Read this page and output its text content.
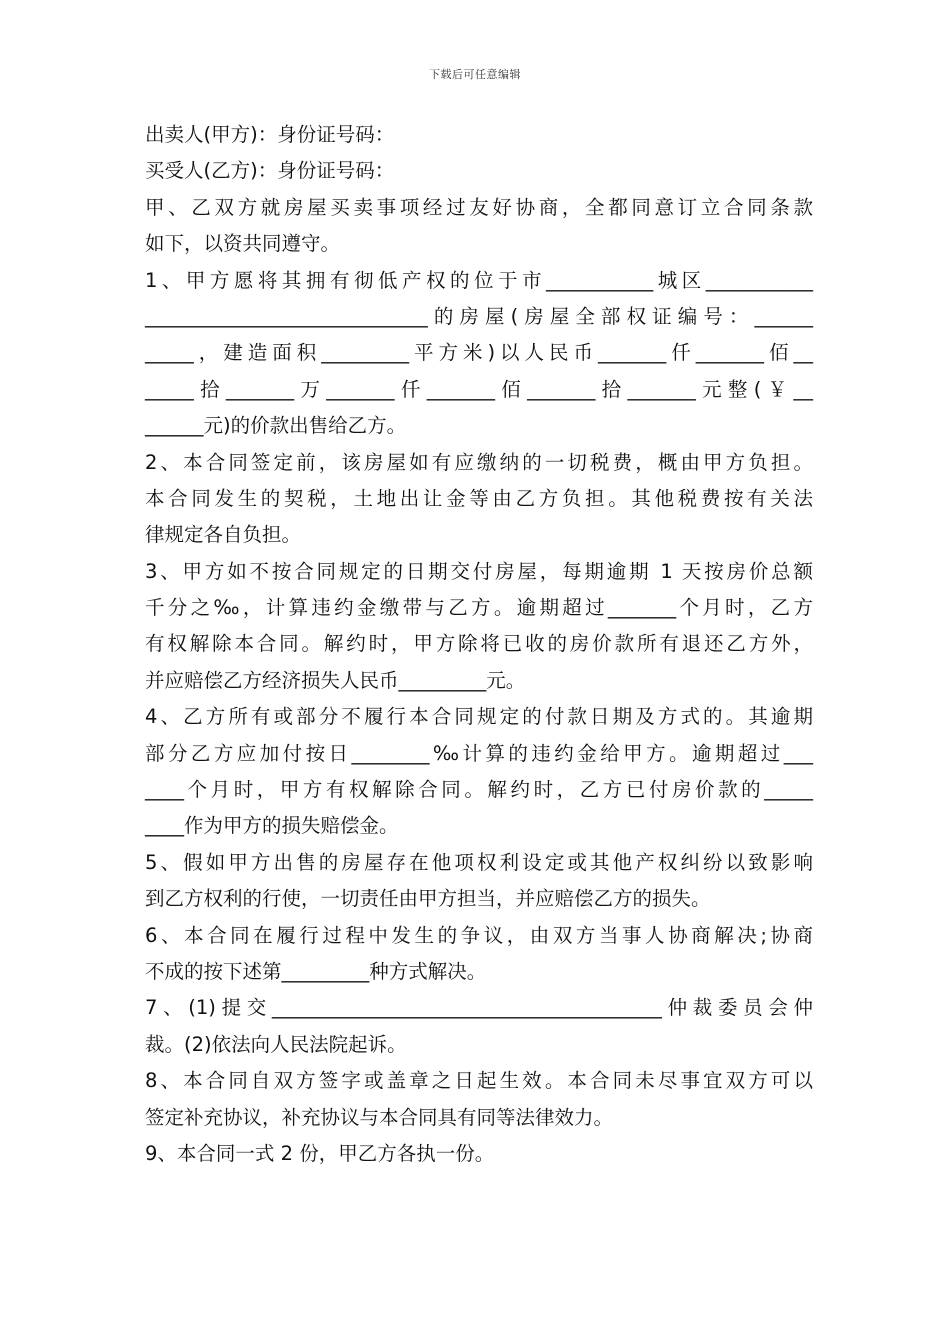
下载后可任意编辑
出卖人(甲方)：身份证号码：
买受人(乙方)：身份证号码：
甲、乙双方就房屋买卖事项经过友好协商，全都同意订立合同条款
如下，以资共同遵守。
1、甲方愿将其拥有彻低产权的位于市___________城区___________
_____________________________的房屋(房屋全部权证编号：______
_____，建造面积_________平方米)以人民币_______仟_______佰__
_____拾_______万_______仟_______佰_______拾_______元整(￥__
______元)的价款出售给乙方。
2、本合同签定前，该房屋如有应缴纳的一切税费，概由甲方负担。
本合同发生的契税，土地出让金等由乙方负担。其他税费按有关法
律规定各自负担。
3、甲方如不按合同规定的日期交付房屋，每期逾期 1 天按房价总额
千分之‰，计算违约金缴带与乙方。逾期超过_______个月时，乙方
有权解除本合同。解约时，甲方除将已收的房价款所有退还乙方外，
并应赔偿乙方经济损失人民币_________元。
4、乙方所有或部分不履行本合同规定的付款日期及方式的。其逾期
部分乙方应加付按日________‰计算的违约金给甲方。逾期超过___
____个月时，甲方有权解除合同。解约时，乙方已付房价款的_____
____作为甲方的损失赔偿金。
5、假如甲方出售的房屋存在他项权利设定或其他产权纠纷以致影响
到乙方权利的行使，一切责任由甲方担当，并应赔偿乙方的损失。
6、本合同在履行过程中发生的争议，由双方当事人协商解决;协商
不成的按下述第_________种方式解决。
7、(1)提交________________________________________仲裁委员会仲
裁。(2)依法向人民法院起诉。
8、本合同自双方签字或盖章之日起生效。本合同未尽事宜双方可以
签定补充协议，补充协议与本合同具有同等法律效力。
9、本合同一式 2 份，甲乙方各执一份。
